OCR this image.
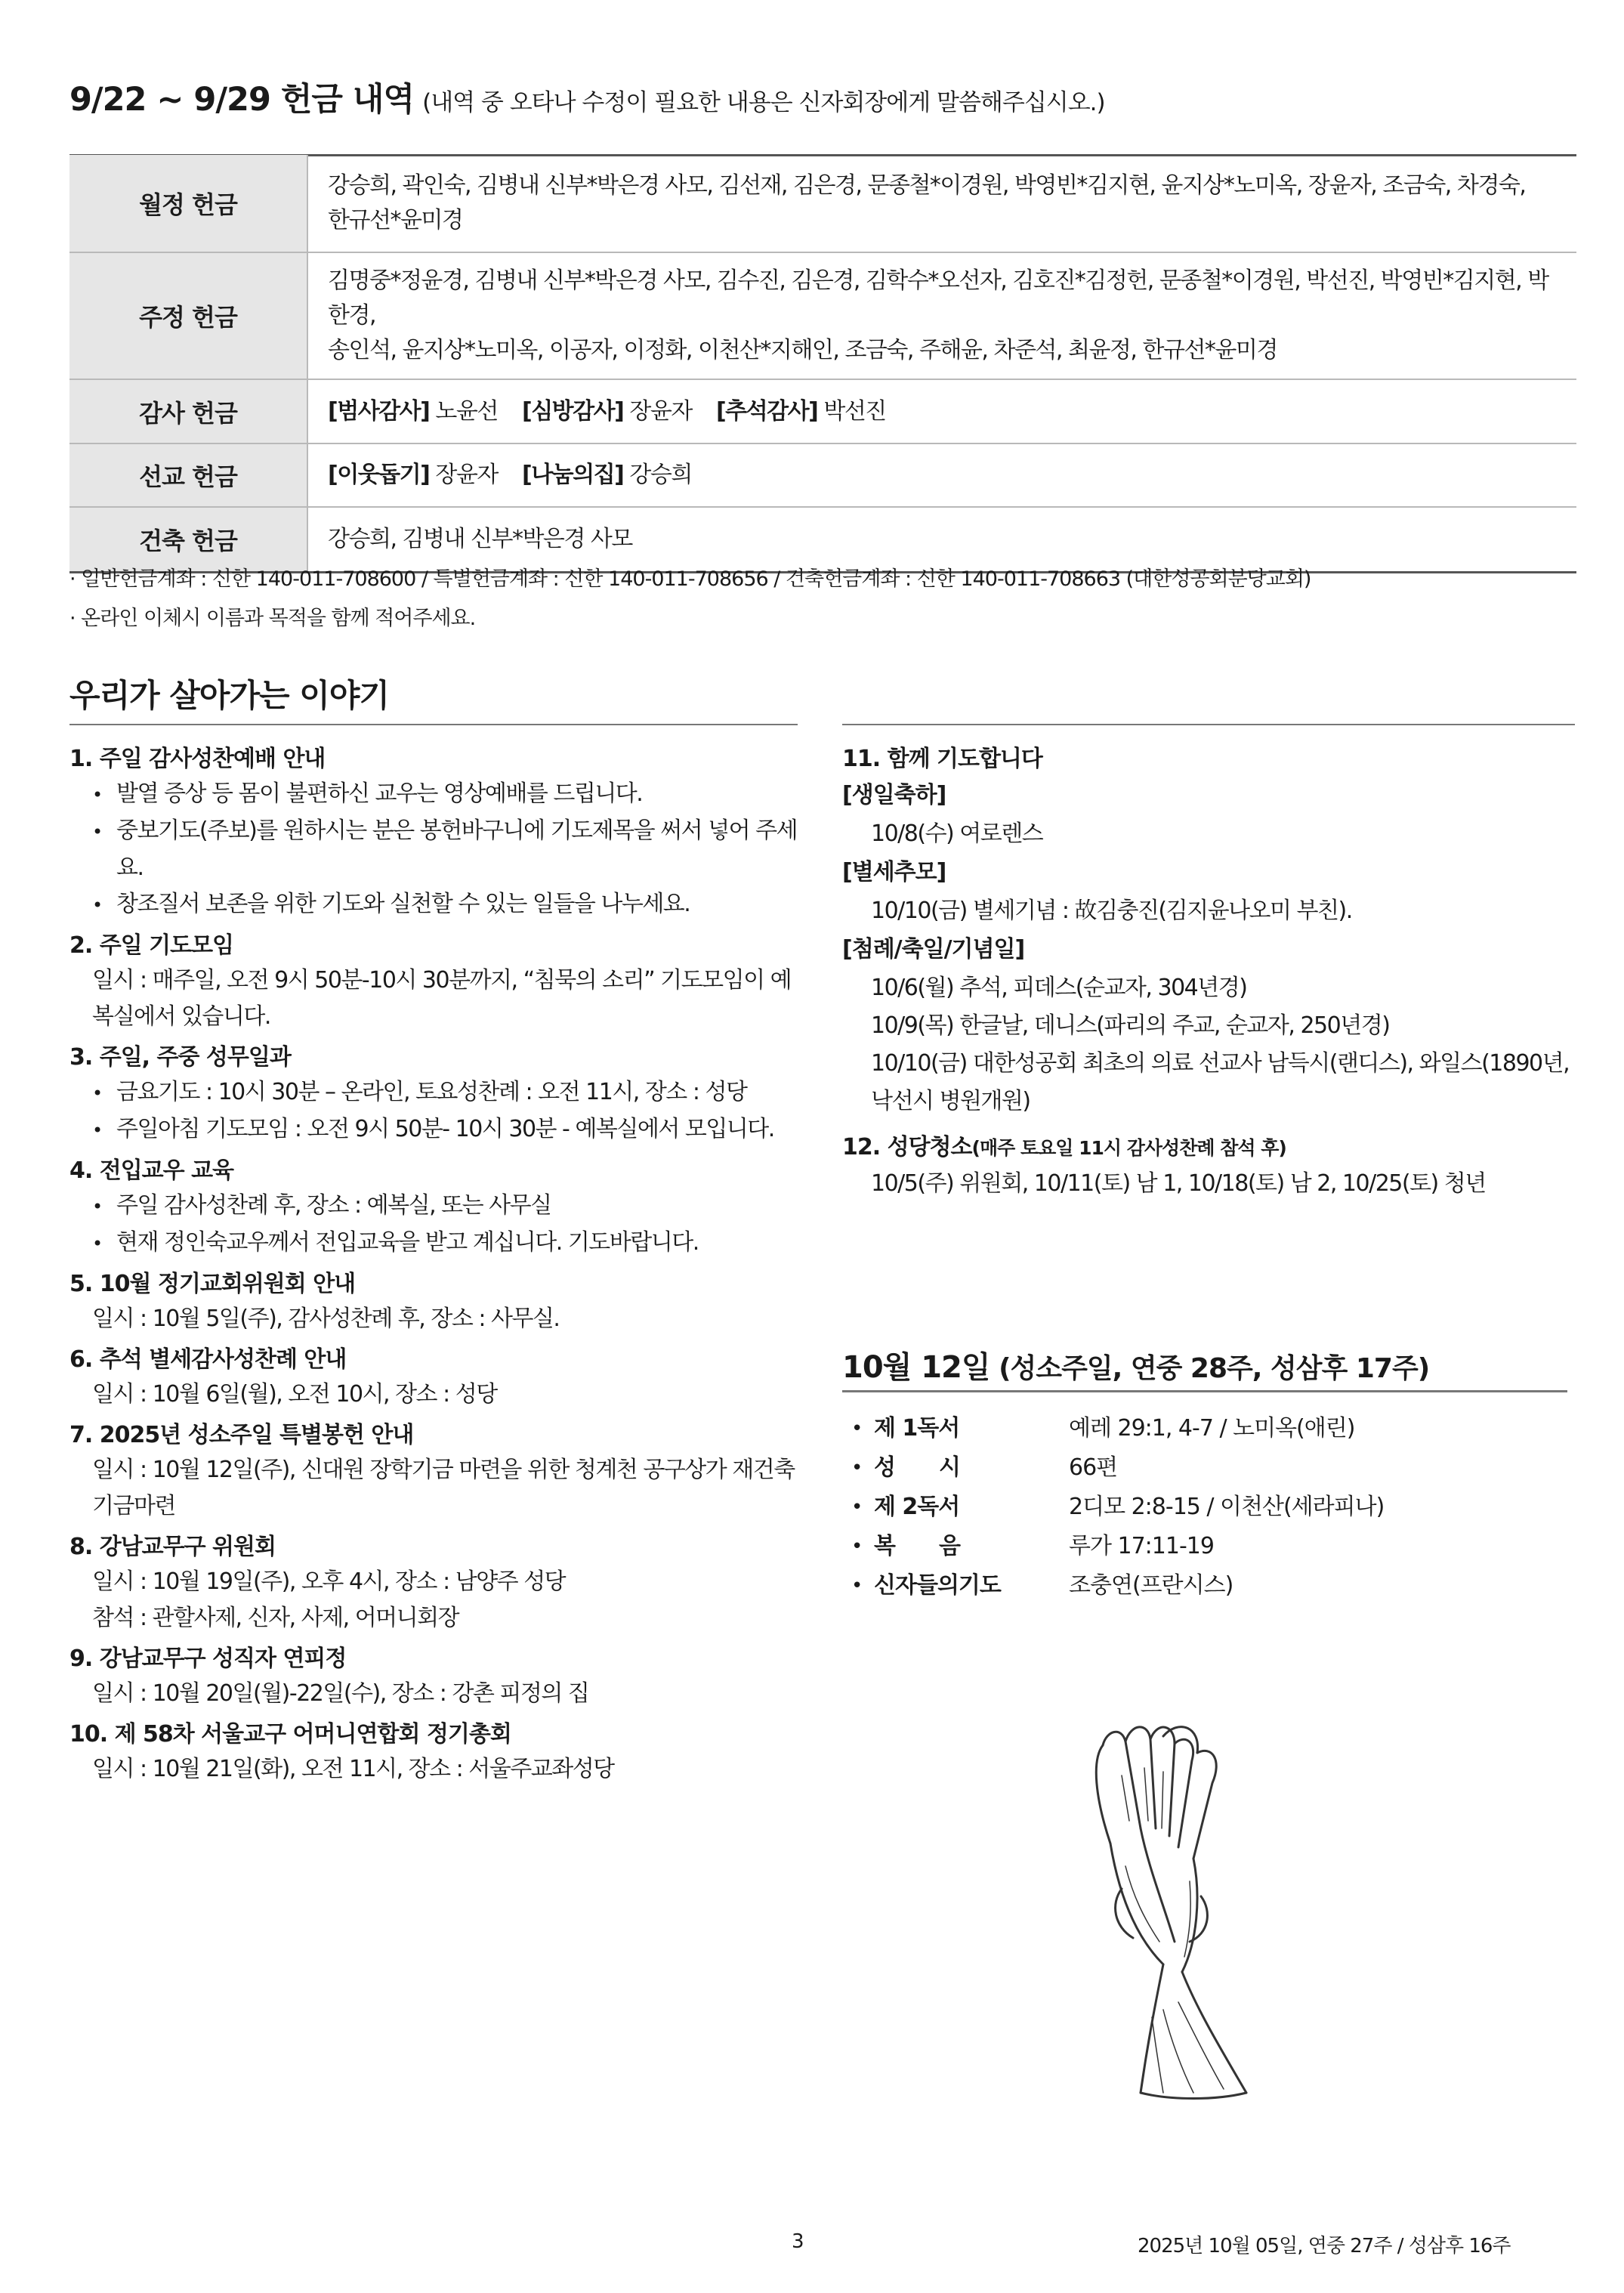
9/22 ~ 9/29 헌금 내역 (내역 중 오타나 수정이 필요한 내용은 신자회장에게 말씀해주십시오.)
월정 헌금	강승희, 곽인숙, 김병내 신부*박은경 사모, 김선재, 김은경, 문종철*이경원, 박영빈*김지현, 윤지상*노미옥, 장윤자, 조금숙, 차경숙,
한규선*윤미경
주정 헌금	김명중*정윤경, 김병내 신부*박은경 사모, 김수진, 김은경, 김학수*오선자, 김호진*김정헌, 문종철*이경원, 박선진, 박영빈*김지현, 박한경,
송인석, 윤지상*노미옥, 이공자, 이정화, 이천산*지해인, 조금숙, 주해윤, 차준석, 최윤정, 한규선*윤미경
감사 헌금	[범사감사] 노윤선 [심방감사] 장윤자 [추석감사] 박선진
선교 헌금	[이웃돕기] 장윤자 [나눔의집] 강승희
건축 헌금	강승희, 김병내 신부*박은경 사모
· 일반헌금계좌 : 신한 140-011-708600 / 특별헌금계좌 : 신한 140-011-708656 / 건축헌금계좌 : 신한 140-011-708663 (대한성공회분당교회)
· 온라인 이체시 이름과 목적을 함께 적어주세요.
우리가 살아가는 이야기
1. 주일 감사성찬예배 안내
• 발열 증상 등 몸이 불편하신 교우는 영상예배를 드립니다.
• 중보기도(주보)를 원하시는 분은 봉헌바구니에 기도제목을 써서 넣어 주세요.
• 창조질서 보존을 위한 기도와 실천할 수 있는 일들을 나누세요.
2. 주일 기도모임
일시 : 매주일, 오전 9시 50분-10시 30분까지, “침묵의 소리” 기도모임이 예복실에서 있습니다.
3. 주일, 주중 성무일과
• 금요기도 : 10시 30분 – 온라인, 토요성찬례 : 오전 11시, 장소 : 성당
• 주일아침 기도모임 : 오전 9시 50분- 10시 30분 - 예복실에서 모입니다.
4. 전입교우 교육
• 주일 감사성찬례 후, 장소 : 예복실, 또는 사무실
• 현재 정인숙교우께서 전입교육을 받고 계십니다. 기도바랍니다.
5. 10월 정기교회위원회 안내
일시 : 10월 5일(주), 감사성찬례 후, 장소 : 사무실.
6. 추석 별세감사성찬례 안내
일시 : 10월 6일(월), 오전 10시, 장소 : 성당
7. 2025년 성소주일 특별봉헌 안내
일시 : 10월 12일(주), 신대원 장학기금 마련을 위한 청계천 공구상가 재건축 기금마련
8. 강남교무구 위원회
일시 : 10월 19일(주), 오후 4시, 장소 : 남양주 성당
참석 : 관할사제, 신자, 사제, 어머니회장
9. 강남교무구 성직자 연피정
일시 : 10월 20일(월)-22일(수), 장소 : 강촌 피정의 집
10. 제 58차 서울교구 어머니연합회 정기총회
일시 : 10월 21일(화), 오전 11시, 장소 : 서울주교좌성당
11. 함께 기도합니다
[생일축하]
10/8(수) 여로렌스
[별세추모]
10/10(금) 별세기념 : 故김충진(김지윤나오미 부친).
[첨례/축일/기념일]
10/6(월) 추석, 피데스(순교자, 304년경)
10/9(목) 한글날, 데니스(파리의 주교, 순교자, 250년경)
10/10(금) 대한성공회 최초의 의료 선교사 남득시(랜디스), 와일스(1890년, 낙선시 병원개원)
12. 성당청소(매주 토요일 11시 감사성찬례 참석 후)
10/5(주) 위원회, 10/11(토) 남 1, 10/18(토) 남 2, 10/25(토) 청년
10월 12일 (성소주일, 연중 28주, 성삼후 17주)
•	제 1독서	예레 29:1, 4-7 / 노미옥(애린)
•	성　　시	66편
•	제 2독서	2디모 2:8-15 / 이천산(세라피나)
•	복　　음	루가 17:11-19
•	신자들의기도	조충연(프란시스)
3	2025년 10월 05일, 연중 27주 / 성삼후 16주
